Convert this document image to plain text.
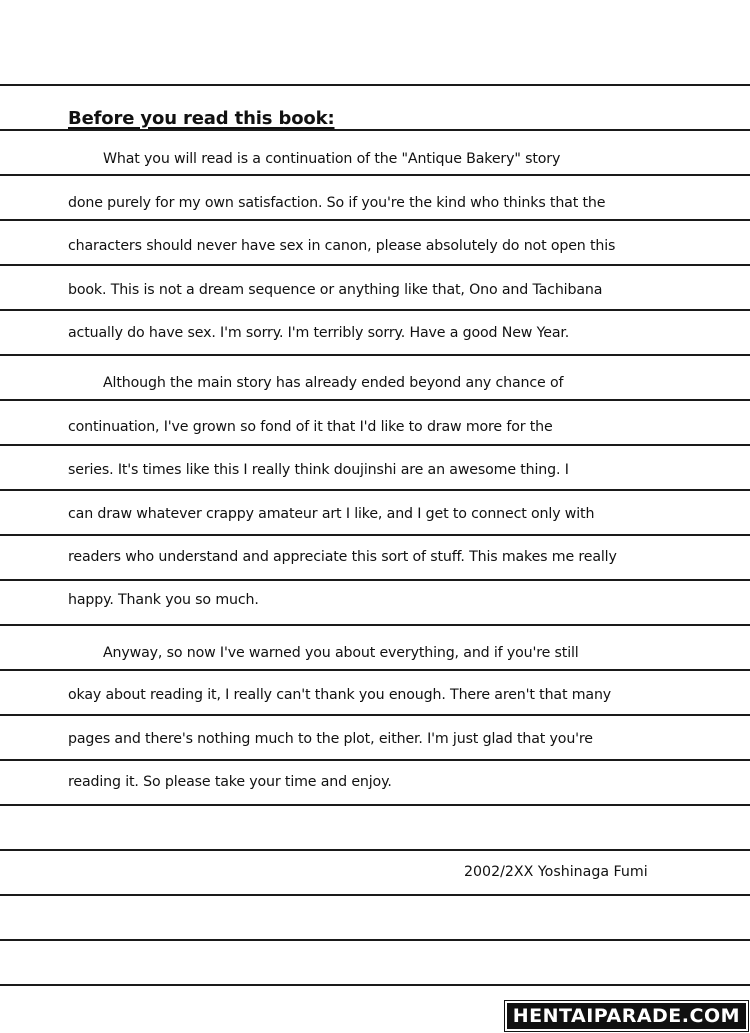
Before you read this book:
What you will read is a continuation of the "Antique Bakery" story
done purely for my own satisfaction. So if you're the kind who thinks that the
characters should never have sex in canon, please absolutely do not open this
book. This is not a dream sequence or anything like that, Ono and Tachibana
actually do have sex. I'm sorry. I'm terribly sorry. Have a good New Year.
Although the main story has already ended beyond any chance of
continuation, I've grown so fond of it that I'd like to draw more for the
series. It's times like this I really think doujinshi are an awesome thing. I
can draw whatever crappy amateur art I like, and I get to connect only with
readers who understand and appreciate this sort of stuff. This makes me really
happy. Thank you so much.
Anyway, so now I've warned you about everything, and if you're still
okay about reading it, I really can't thank you enough. There aren't that many
pages and there's nothing much to the plot, either. I'm just glad that you're
reading it. So please take your time and enjoy.
2002/2XX Yoshinaga Fumi
HENTAIPARADE.COM
